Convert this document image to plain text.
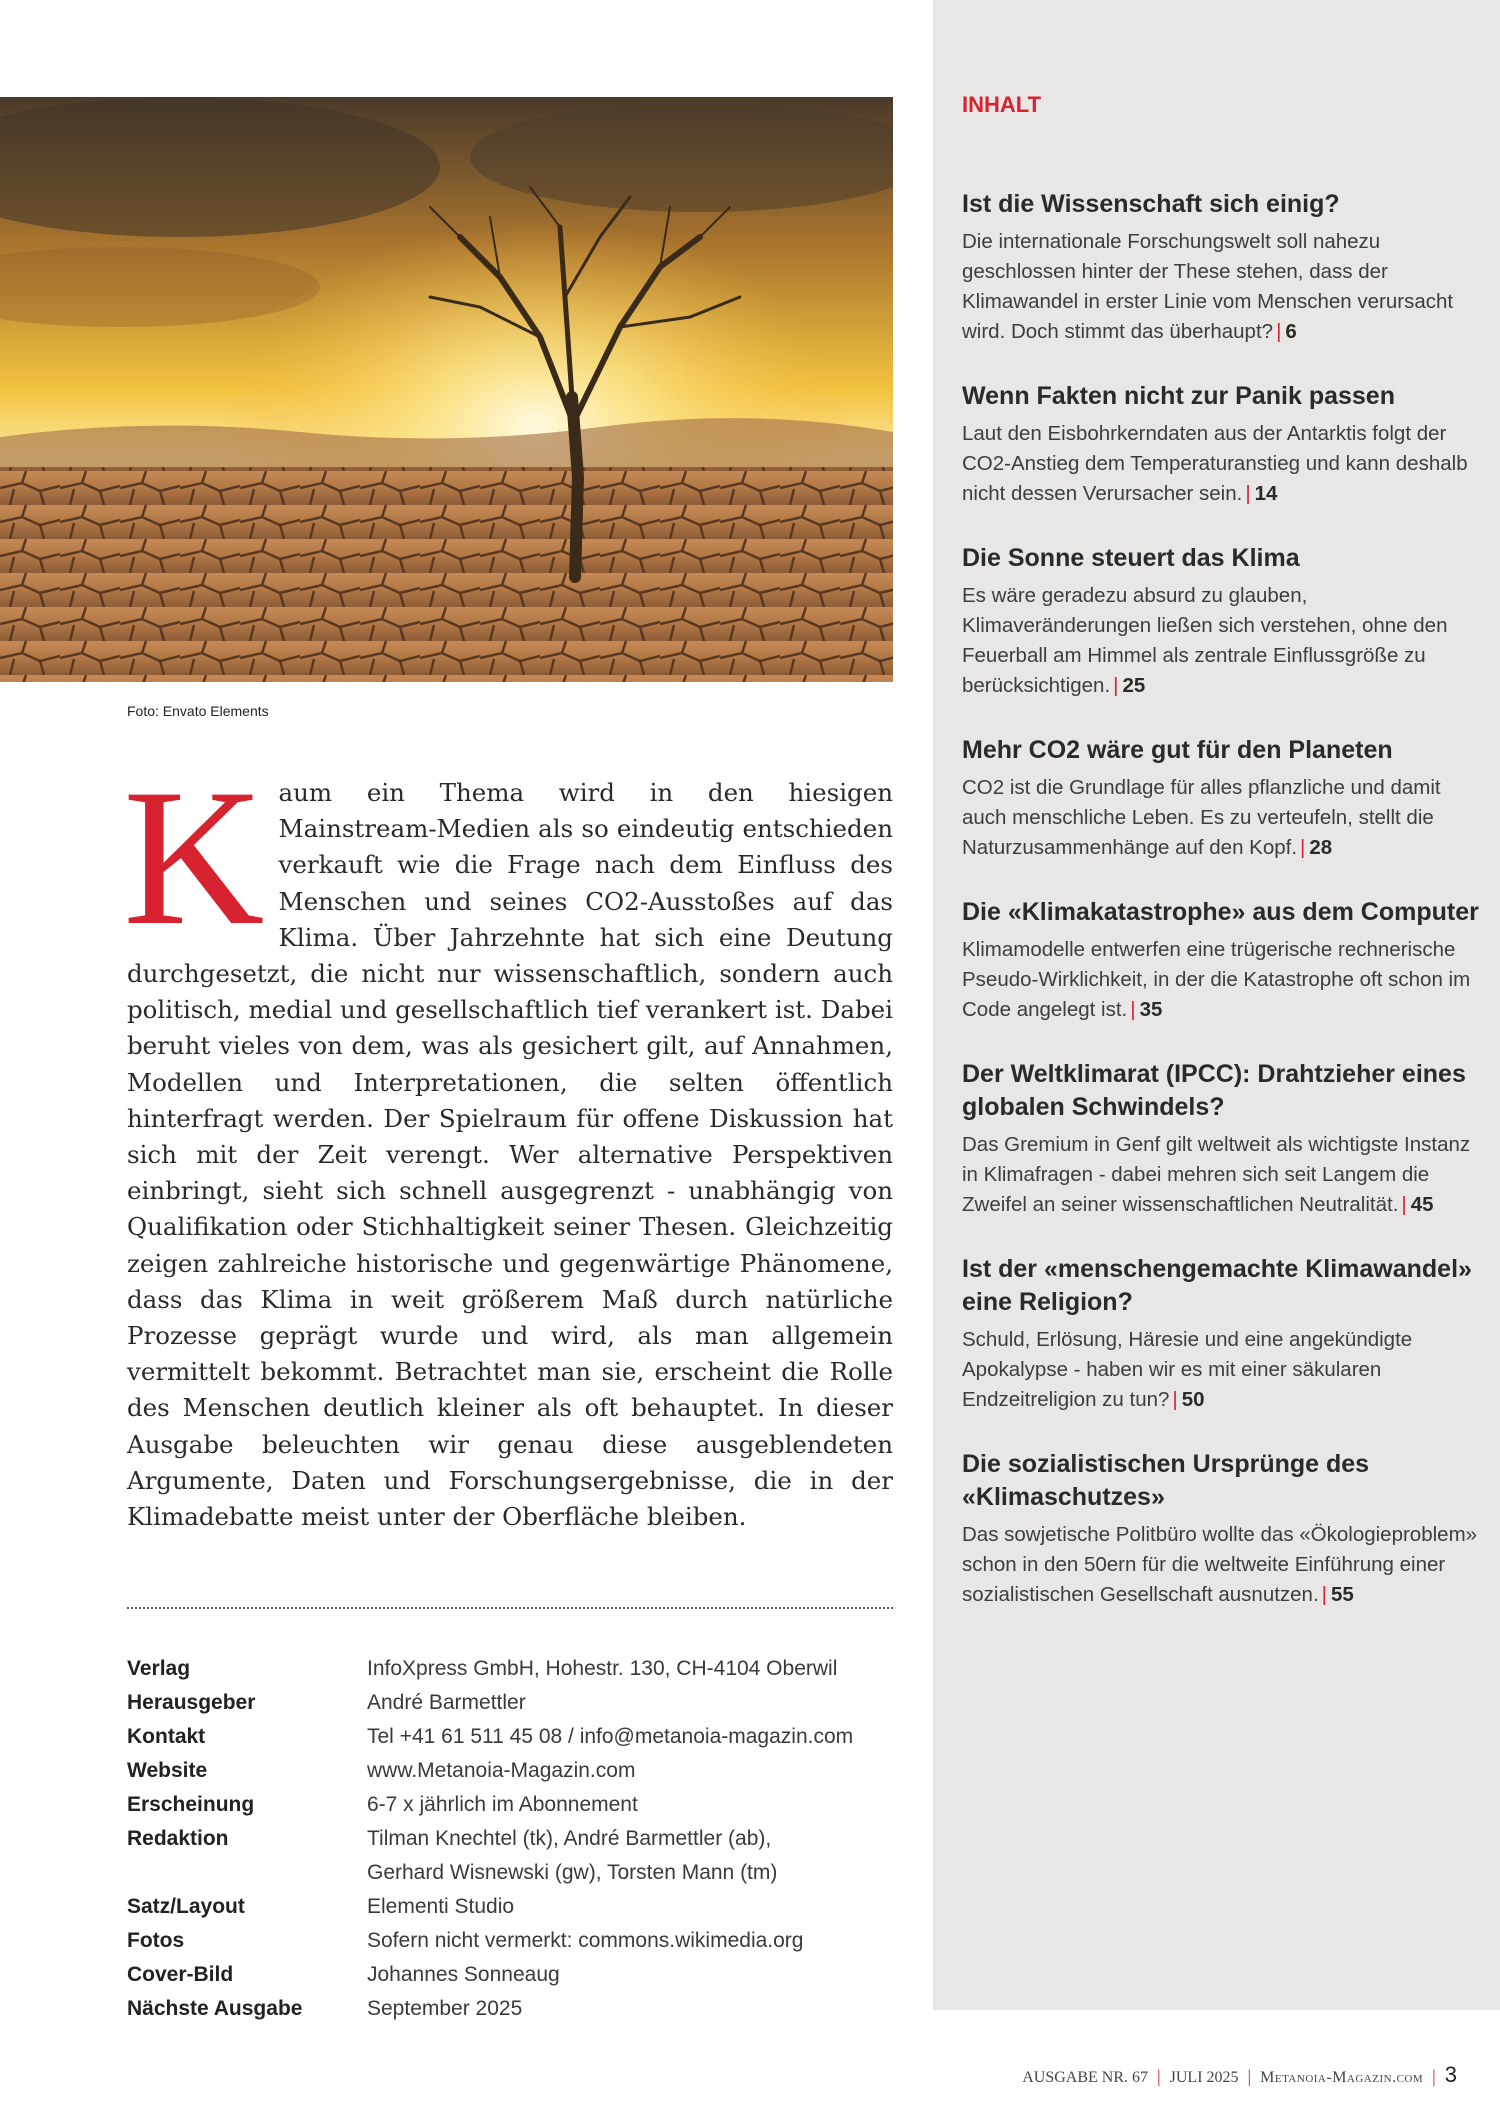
Foto: Envato Elements
K aum ein Thema wird in den hiesigen Mainstream-Medien als so eindeutig entschieden verkauft wie die Frage nach dem Einfluss des Menschen und seines CO2-Ausstoßes auf das Klima. Über Jahrzehnte hat sich eine Deutung durchgesetzt, die nicht nur wissenschaftlich, sondern auch politisch, medial und gesellschaftlich tief verankert ist. Dabei beruht vieles von dem, was als gesichert gilt, auf Annahmen, Modellen und Interpretationen, die selten öffentlich hinterfragt werden. Der Spielraum für offene Diskussion hat sich mit der Zeit verengt. Wer alternative Perspektiven einbringt, sieht sich schnell ausgegrenzt - unabhängig von Qualifikation oder Stichhaltigkeit seiner Thesen. Gleichzeitig zeigen zahlreiche historische und gegenwärtige Phänomene, dass das Klima in weit größerem Maß durch natürliche Prozesse geprägt wurde und wird, als man allgemein vermittelt bekommt. Betrachtet man sie, erscheint die Rolle des Menschen deutlich kleiner als oft behauptet. In dieser Ausgabe beleuchten wir genau diese ausgeblendeten Argumente, Daten und Forschungsergebnisse, die in der Klimadebatte meist unter der Oberfläche bleiben.
Verlag	InfoXpress GmbH, Hohestr. 130, CH-4104 Oberwil
Herausgeber	André Barmettler
Kontakt	Tel +41 61 511 45 08 / info@metanoia-magazin.com
Website	www.Metanoia-Magazin.com
Erscheinung	6-7 x jährlich im Abonnement
Redaktion	Tilman Knechtel (tk), André Barmettler (ab),
Gerhard Wisnewski (gw), Torsten Mann (tm)
Satz/Layout	Elementi Studio
Fotos	Sofern nicht vermerkt: commons.wikimedia.org
Cover-Bild	Johannes Sonneaug
Nächste Ausgabe	September 2025
INHALT
Ist die Wissenschaft sich einig?
Die internationale Forschungswelt soll nahezu geschlossen hinter der These stehen, dass der Klimawandel in erster Linie vom Menschen verursacht wird. Doch stimmt das überhaupt? | 6
Wenn Fakten nicht zur Panik passen
Laut den Eisbohrkerndaten aus der Antarktis folgt der CO2-Anstieg dem Temperaturanstieg und kann deshalb nicht dessen Verursacher sein. | 14
Die Sonne steuert das Klima
Es wäre geradezu absurd zu glauben, Klimaveränderungen ließen sich verstehen, ohne den Feuerball am Himmel als zentrale Einflussgröße zu berücksichtigen. | 25
Mehr CO2 wäre gut für den Planeten
CO2 ist die Grundlage für alles pflanzliche und damit auch menschliche Leben. Es zu verteufeln, stellt die Naturzusammenhänge auf den Kopf. | 28
Die «Klimakatastrophe» aus dem Computer
Klimamodelle entwerfen eine trügerische rechnerische Pseudo-Wirklichkeit, in der die Katastrophe oft schon im Code angelegt ist. | 35
Der Weltklimarat (IPCC): Drahtzieher eines globalen Schwindels?
Das Gremium in Genf gilt weltweit als wichtigste Instanz in Klimafragen - dabei mehren sich seit Langem die Zweifel an seiner wissenschaftlichen Neutralität. | 45
Ist der «menschengemachte Klimawandel» eine Religion?
Schuld, Erlösung, Häresie und eine angekündigte Apokalypse - haben wir es mit einer säkularen Endzeitreligion zu tun? | 50
Die sozialistischen Ursprünge des «Klimaschutzes»
Das sowjetische Politbüro wollte das «Ökologieproblem» schon in den 50ern für die weltweite Einführung einer sozialistischen Gesellschaft ausnutzen. | 55
AUSGABE NR. 67 | JULI 2025 | Metanoia-Magazin.com | 3
